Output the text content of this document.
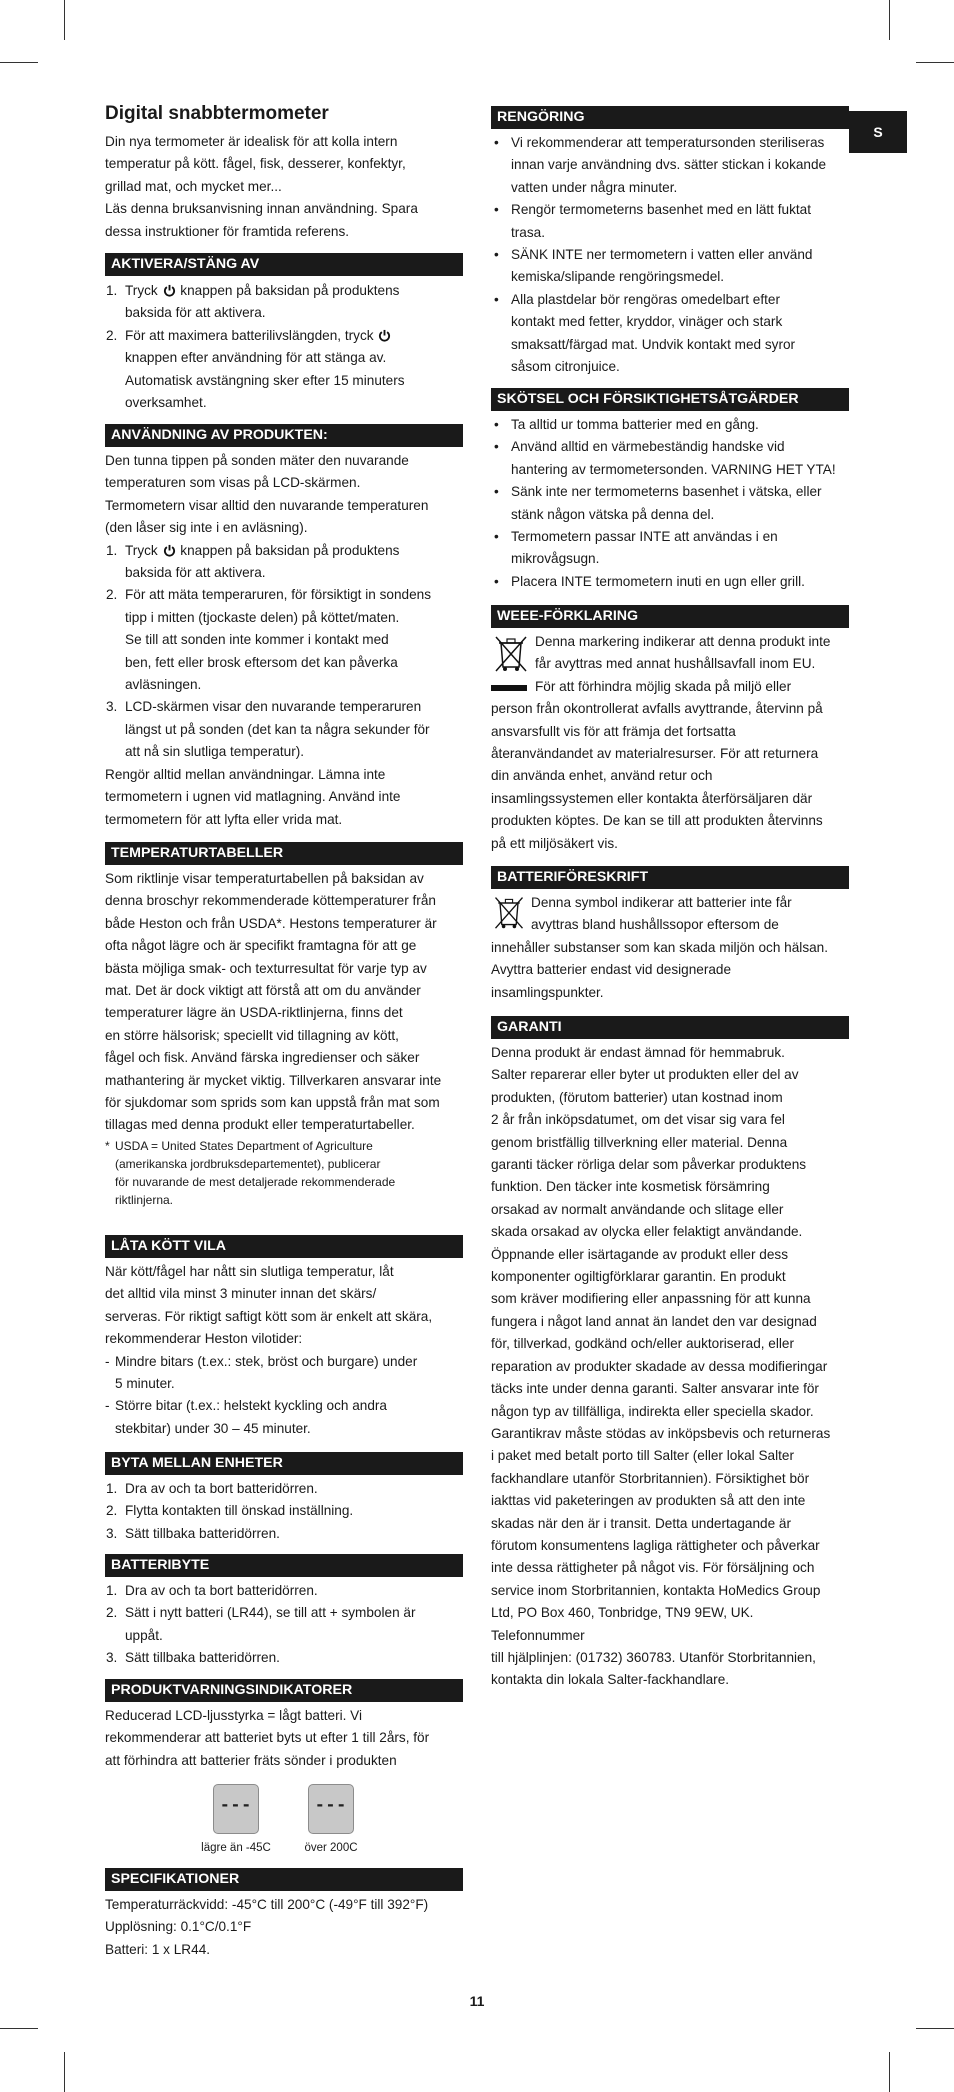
S

Digital snabbtermometer

Din nya termometer är idealisk för att kolla intern

temperatur på kött. fågel, fisk, desserer, konfektyr,

grillad mat, och mycket mer...

Läs denna bruksanvisning innan användning. Spara

dessa instruktioner för framtida referens.

AKTIVERA/STÄNG AV
1. Tryck knappen på baksidan på produktens
baksida för att aktivera.
2. För att maximera batterilivslängden, tryck
knappen efter användning för att stänga av.
Automatisk avstängning sker efter 15 minuters
overksamhet.
ANVÄNDNING AV PRODUKTEN:

Den tunna tippen på sonden mäter den nuvarande

temperaturen som visas på LCD-skärmen.

Termometern visar alltid den nuvarande temperaturen

(den låser sig inte i en avläsning).

1. Tryck knappen på baksidan på produktens
baksida för att aktivera.
2. För att mäta temperaruren, för försiktigt in sondens
tipp i mitten (tjockaste delen) på köttet/maten.
Se till att sonden inte kommer i kontakt med
ben, fett eller brosk eftersom det kan påverka
avläsningen.
3. LCD-skärmen visar den nuvarande temperaruren
längst ut på sonden (det kan ta några sekunder för
att nå sin slutliga temperatur).

Rengör alltid mellan användningar. Lämna inte

termometern i ugnen vid matlagning. Använd inte

termometern för att lyfta eller vrida mat.

TEMPERATURTABELLER

Som riktlinje visar temperaturtabellen på baksidan av

denna broschyr rekommenderade köttemperaturer från

både Heston och från USDA*. Hestons temperaturer är

ofta något lägre och är specifikt framtagna för att ge

bästa möjliga smak- och texturresultat för varje typ av

mat. Det är dock viktigt att förstå att om du använder

temperaturer lägre än USDA-riktlinjerna, finns det

en större hälsorisk; speciellt vid tillagning av kött,

fågel och fisk. Använd färska ingredienser och säker

mathantering är mycket viktig. Tillverkaren ansvarar inte

för sjukdomar som sprids som kan uppstå från mat som

tillagas med denna produkt eller temperaturtabeller.

* USDA = United States Department of Agriculture
(amerikanska jordbruksdepartementet), publicerar
för nuvarande de mest detaljerade rekommenderade
riktlinjerna.
LÅTA KÖTT VILA

När kött/fågel har nått sin slutliga temperatur, låt

det alltid vila minst 3 minuter innan det skärs/

serveras. För riktigt saftigt kött som är enkelt att skära,

rekommenderar Heston vilotider:

- Mindre bitars (t.ex.: stek, bröst och burgare) under
5 minuter.
- Större bitar (t.ex.: helstekt kyckling och andra
stekbitar) under 30 – 45 minuter.
BYTA MELLAN ENHETER
1. Dra av och ta bort batteridörren.
2. Flytta kontakten till önskad inställning.
3. Sätt tillbaka batteridörren.
BATTERIBYTE
1. Dra av och ta bort batteridörren.
2. Sätt i nytt batteri (LR44), se till att + symbolen är
uppåt.
3. Sätt tillbaka batteridörren.
PRODUKTVARNINGSINDIKATORER

Reducerad LCD-ljusstyrka = lågt batteri. Vi

rekommenderar att batteriet byts ut efter 1 till 2års, för

att förhindra att batterier fräts sönder i produkten

---	---
lägre än -45C	över 200C
SPECIFIKATIONER

Temperaturräckvidd: -45°C till 200°C (-49°F till 392°F)

Upplösning: 0.1°C/0.1°F

Batteri: 1 x LR44.

RENGÖRING
• Vi rekommenderar att temperatursonden steriliseras
innan varje användning dvs. sätter stickan i kokande
vatten under några minuter.
• Rengör termometerns basenhet med en lätt fuktat
trasa.
• SÄNK INTE ner termometern i vatten eller använd
kemiska/slipande rengöringsmedel.
• Alla plastdelar bör rengöras omedelbart efter
kontakt med fetter, kryddor, vinäger och stark
smaksatt/färgad mat. Undvik kontakt med syror
såsom citronjuice.
SKÖTSEL OCH FÖRSIKTIGHETSÅTGÄRDER
• Ta alltid ur tomma batterier med en gång.
• Använd alltid en värmebeständig handske vid
hantering av termometersonden. VARNING HET YTA!
• Sänk inte ner termometerns basenhet i vätska, eller
stänk någon vätska på denna del.
• Termometern passar INTE att användas i en
mikrovågsugn.
• Placera INTE termometern inuti en ugn eller grill.
WEEE-FÖRKLARING

Denna markering indikerar att denna produkt inte

får avyttras med annat hushållsavfall inom EU.

För att förhindra möjlig skada på miljö eller

person från okontrollerat avfalls avyttrande, återvinn på

ansvarsfullt vis för att främja det fortsatta

återanvändandet av materialresurser. För att returnera

din använda enhet, använd retur och

insamlingssystemen eller kontakta återförsäljaren där

produkten köptes. De kan se till att produkten återvinns

på ett miljösäkert vis.

BATTERIFÖRESKRIFT

Denna symbol indikerar att batterier inte får

avyttras bland hushållssopor eftersom de

innehåller substanser som kan skada miljön och hälsan.

Avyttra batterier endast vid designerade

insamlingspunkter.

GARANTI

Denna produkt är endast ämnad för hemmabruk.

Salter reparerar eller byter ut produkten eller del av

produkten, (förutom batterier) utan kostnad inom

2 år från inköpsdatumet, om det visar sig vara fel

genom bristfällig tillverkning eller material. Denna

garanti täcker rörliga delar som påverkar produktens

funktion. Den täcker inte kosmetisk försämring

orsakad av normalt användande och slitage eller

skada orsakad av olycka eller felaktigt användande.

Öppnande eller isärtagande av produkt eller dess

komponenter ogiltigförklarar garantin. En produkt

som kräver modifiering eller anpassning för att kunna

fungera i något land annat än landet den var designad

för, tillverkad, godkänd och/eller auktoriserad, eller

reparation av produkter skadade av dessa modifieringar

täcks inte under denna garanti. Salter ansvarar inte för

någon typ av tillfälliga, indirekta eller speciella skador.

Garantikrav måste stödas av inköpsbevis och returneras

i paket med betalt porto till Salter (eller lokal Salter

fackhandlare utanför Storbritannien). Försiktighet bör

iakttas vid paketeringen av produkten så att den inte

skadas när den är i transit. Detta undertagande är

förutom konsumentens lagliga rättigheter och påverkar

inte dessa rättigheter på något vis. För försäljning och

service inom Storbritannien, kontakta HoMedics Group

Ltd, PO Box 460, Tonbridge, TN9 9EW, UK. Telefonnummer

till hjälplinjen: (01732) 360783. Utanför Storbritannien,

kontakta din lokala Salter-fackhandlare.

11
